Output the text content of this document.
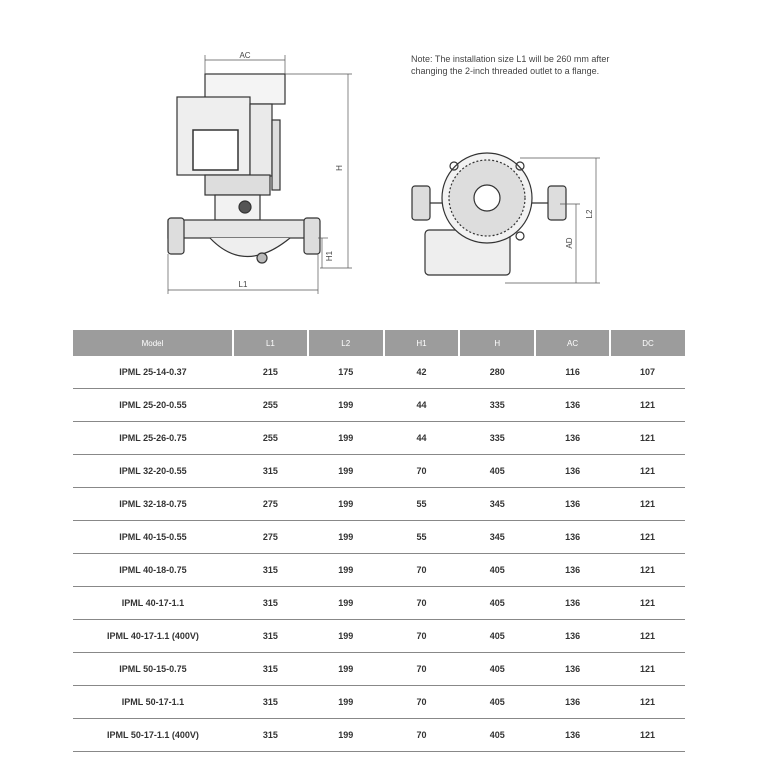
AC
H
H1
L1
L2
AD
Note: The installation size L1 will be 260 mm after changing the 2-inch threaded outlet to a flange.
Model	L1	L2	H1	H	AC	DC
IPML 25-14-0.37	215	175	42	280	116	107
IPML 25-20-0.55	255	199	44	335	136	121
IPML 25-26-0.75	255	199	44	335	136	121
IPML 32-20-0.55	315	199	70	405	136	121
IPML 32-18-0.75	275	199	55	345	136	121
IPML 40-15-0.55	275	199	55	345	136	121
IPML 40-18-0.75	315	199	70	405	136	121
IPML 40-17-1.1	315	199	70	405	136	121
IPML 40-17-1.1 (400V)	315	199	70	405	136	121
IPML 50-15-0.75	315	199	70	405	136	121
IPML 50-17-1.1	315	199	70	405	136	121
IPML 50-17-1.1 (400V)	315	199	70	405	136	121
